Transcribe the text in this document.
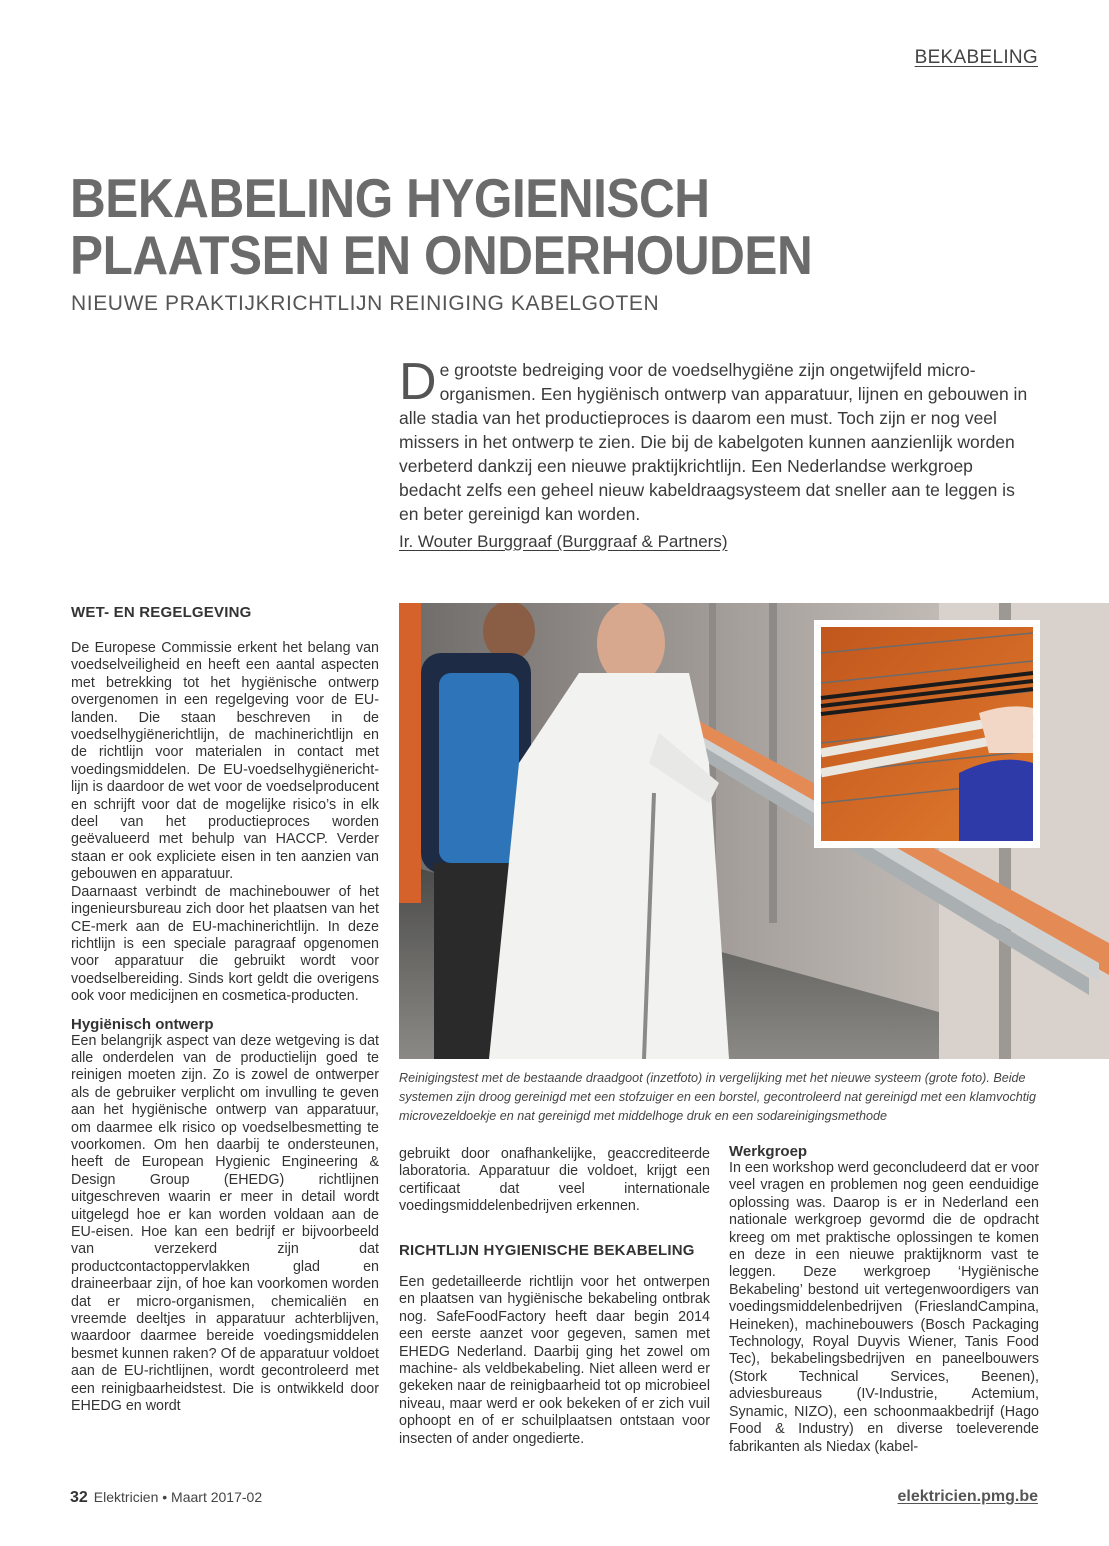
BEKABELING
BEKABELING HYGIENISCH
PLAATSEN EN ONDERHOUDEN
NIEUWE PRAKTIJKRICHTLIJN REINIGING KABELGOTEN
De grootste bedreiging voor de voedselhygiëne zijn ongetwijfeld micro-organismen. Een hygiënisch ontwerp van apparatuur, lijnen en gebouwen in alle stadia van het productieproces is daarom een must. Toch zijn er nog veel missers in het ontwerp te zien. Die bij de kabelgoten kunnen aanzienlijk worden verbeterd dankzij een nieuwe praktijkrichtlijn. Een Nederlandse werkgroep bedacht zelfs een geheel nieuw kabeldraagsysteem dat sneller aan te leggen is en beter gereinigd kan worden.
Ir. Wouter Burggraaf (Burggraaf & Partners)
WET- EN REGELGEVING

De Europese Commissie erkent het belang van voedselveiligheid en heeft een aantal aspecten met betrekking tot het hygiënische ontwerp overgenomen in een regelgeving voor de EU-landen. Die staan beschreven in de voedselhygiënerichtlijn, de machinerichtlijn en de richtlijn voor materialen in contact met voedingsmiddelen. De EU-voedselhygiënericht-lijn is daardoor de wet voor de voedselproducent en schrijft voor dat de mogelijke risico’s in elk deel van het productieproces worden geëvalueerd met behulp van HACCP. Verder staan er ook expliciete eisen in ten aanzien van gebouwen en apparatuur.

Daarnaast verbindt de machinebouwer of het ingenieursbureau zich door het plaatsen van het CE-merk aan de EU-machinerichtlijn. In deze richtlijn is een speciale paragraaf opgenomen voor apparatuur die gebruikt wordt voor voedselbereiding. Sinds kort geldt die overigens ook voor medicijnen en cosmetica-producten.

Hygiënisch ontwerp

Een belangrijk aspect van deze wetgeving is dat alle onderdelen van de productielijn goed te reinigen moeten zijn. Zo is zowel de ontwerper als de gebruiker verplicht om invulling te geven aan het hygiënische ontwerp van apparatuur, om daarmee elk risico op voedselbesmetting te voorkomen. Om hen daarbij te ondersteunen, heeft de European Hygienic Engineering & Design Group (EHEDG) richtlijnen uitgeschreven waarin er meer in detail wordt uitgelegd hoe er kan worden voldaan aan de EU-eisen. Hoe kan een bedrijf er bijvoorbeeld van verzekerd zijn dat productcontactoppervlakken glad en draineerbaar zijn, of hoe kan voorkomen worden dat er micro-organismen, chemicaliën en vreemde deeltjes in apparatuur achterblijven, waardoor daarmee bereide voedingsmiddelen besmet kunnen raken? Of de apparatuur voldoet aan de EU-richtlijnen, wordt gecontroleerd met een reinigbaarheidstest. Die is ontwikkeld door EHEDG en wordt

Reinigingstest met de bestaande draadgoot (inzetfoto) in vergelijking met het nieuwe systeem (grote foto). Beide systemen zijn droog gereinigd met een stofzuiger en een borstel, gecontroleerd nat gereinigd met een klamvochtig microvezeldoekje en nat gereinigd met middelhoge druk en een sodareinigingsmethode

gebruikt door onafhankelijke, geaccrediteerde laboratoria. Apparatuur die voldoet, krijgt een certificaat dat veel internationale voedingsmiddelenbedrijven erkennen.

RICHTLIJN HYGIENISCHE BEKABELING

Een gedetailleerde richtlijn voor het ontwerpen en plaatsen van hygiënische bekabeling ontbrak nog. SafeFoodFactory heeft daar begin 2014 een eerste aanzet voor gegeven, samen met EHEDG Nederland. Daarbij ging het zowel om machine- als veldbekabeling. Niet alleen werd er gekeken naar de reinigbaarheid tot op microbieel niveau, maar werd er ook bekeken of er zich vuil ophoopt en of er schuilplaatsen ontstaan voor insecten of ander ongedierte.

Werkgroep

In een workshop werd geconcludeerd dat er voor veel vragen en problemen nog geen eenduidige oplossing was. Daarop is er in Nederland een nationale werkgroep gevormd die de opdracht kreeg om met praktische oplossingen te komen en deze in een nieuwe praktijknorm vast te leggen. Deze werkgroep ‘Hygiënische Bekabeling’ bestond uit vertegenwoordigers van voedingsmiddelenbedrijven (FrieslandCampina, Heineken), machinebouwers (Bosch Packaging Technology, Royal Duyvis Wiener, Tanis Food Tec), bekabelingsbedrijven en paneelbouwers (Stork Technical Services, Beenen), adviesbureaus (IV-Industrie, Actemium, Synamic, NIZO), een schoonmaakbedrijf (Hago Food & Industry) en diverse toeleverende fabrikanten als Niedax (kabel-

32 Elektricien • Maart 2017-02	elektricien.pmg.be
